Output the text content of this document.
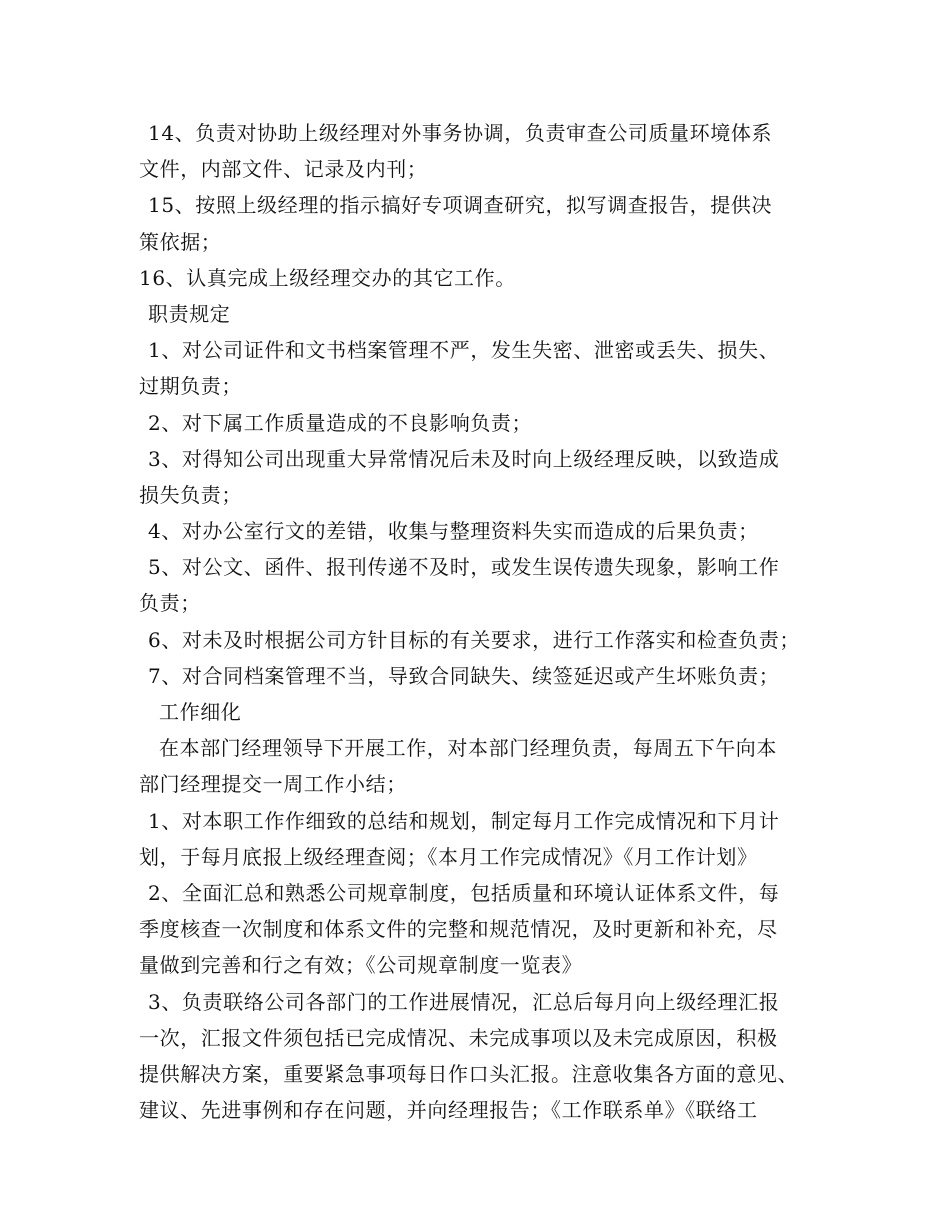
14、负责对协助上级经理对外事务协调，负责审查公司质量环境体系
文件，内部文件、记录及内刊；
15、按照上级经理的指示搞好专项调查研究，拟写调查报告，提供决
策依据；
16、认真完成上级经理交办的其它工作。
职责规定
1、对公司证件和文书档案管理不严，发生失密、泄密或丢失、损失、
过期负责；
2、对下属工作质量造成的不良影响负责；
3、对得知公司出现重大异常情况后未及时向上级经理反映，以致造成
损失负责；
4、对办公室行文的差错，收集与整理资料失实而造成的后果负责；
5、对公文、函件、报刊传递不及时，或发生误传遗失现象，影响工作
负责；
6、对未及时根据公司方针目标的有关要求，进行工作落实和检查负责；
7、对合同档案管理不当，导致合同缺失、续签延迟或产生坏账负责；
工作细化
在本部门经理领导下开展工作，对本部门经理负责，每周五下午向本
部门经理提交一周工作小结；
1、对本职工作作细致的总结和规划，制定每月工作完成情况和下月计
划，于每月底报上级经理查阅；《本月工作完成情况》《月工作计划》
2、全面汇总和熟悉公司规章制度，包括质量和环境认证体系文件，每
季度核查一次制度和体系文件的完整和规范情况，及时更新和补充，尽
量做到完善和行之有效；《公司规章制度一览表》
3、负责联络公司各部门的工作进展情况，汇总后每月向上级经理汇报
一次，汇报文件须包括已完成情况、未完成事项以及未完成原因，积极
提供解决方案，重要紧急事项每日作口头汇报。注意收集各方面的意见、
建议、先进事例和存在问题，并向经理报告；《工作联系单》《联络工
